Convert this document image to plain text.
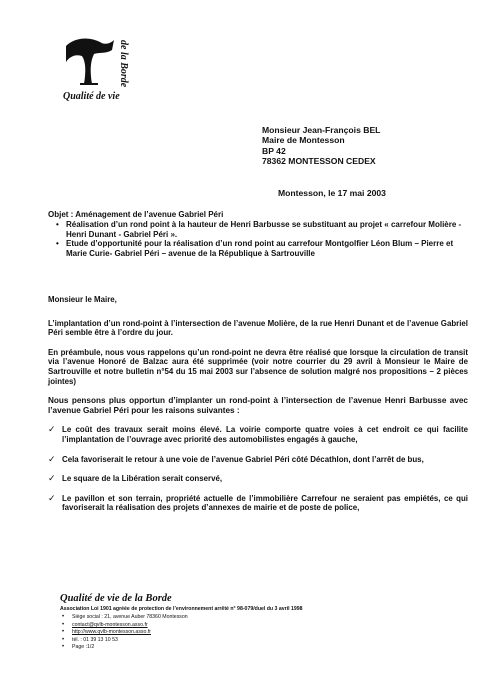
Qualité de vie
de la Borde
Monsieur Jean-François BEL
Maire de Montesson
BP 42
78362 MONTESSON CEDEX
Montesson, le 17 mai 2003
Objet : Aménagement de l’avenue Gabriel Péri
• Réalisation d’un rond point à la hauteur de Henri Barbusse se substituant au projet « carrefour Molière - Henri Dunant - Gabriel Péri ».
• Etude d’opportunité pour la réalisation d’un rond point au carrefour Montgolfier Léon Blum – Pierre et Marie Curie- Gabriel Péri – avenue de la République à Sartrouville

Monsieur le Maire,

L’implantation d’un rond-point à l’intersection de l’avenue Molière, de la rue Henri Dunant et de l’avenue Gabriel Péri semble être à l’ordre du jour.

En préambule, nous vous rappelons qu’un rond-point ne devra être réalisé que lorsque la circulation de transit via l’avenue Honoré de Balzac aura été supprimée (voir notre courrier du 29 avril à Monsieur le Maire de Sartrouville et notre bulletin n°54 du 15 mai 2003 sur l’absence de solution malgré nos propositions – 2 pièces jointes)

Nous pensons plus opportun d’implanter un rond-point à l’intersection de l’avenue Henri Barbusse avec l’avenue Gabriel Péri pour les raisons suivantes :

✓ Le coût des travaux serait moins élevé. La voirie comporte quatre voies à cet endroit ce qui facilite l’implantation de l’ouvrage avec priorité des automobilistes engagés à gauche,
✓ Cela favoriserait le retour à une voie de l’avenue Gabriel Péri côté Décathlon, dont l’arrêt de bus,
✓ Le square de la Libération serait conservé,
✓ Le pavillon et son terrain, propriété actuelle de l’immobilière Carrefour ne seraient pas empiétés, ce qui favoriserait la réalisation des projets d’annexes de mairie et de poste de police,
Qualité de vie de la Borde
Association Loi 1901 agréée de protection de l’environnement arrêté n° 98-079/duel du 3 avril 1998
• Siège social : 21, avenue Auber 78360 Montesson
• contact@qvlb-montesson.asso.fr
• http://www.qvlb-montesson.asso.fr
• tél. : 01 39 13 10 53
• Page :1/2
